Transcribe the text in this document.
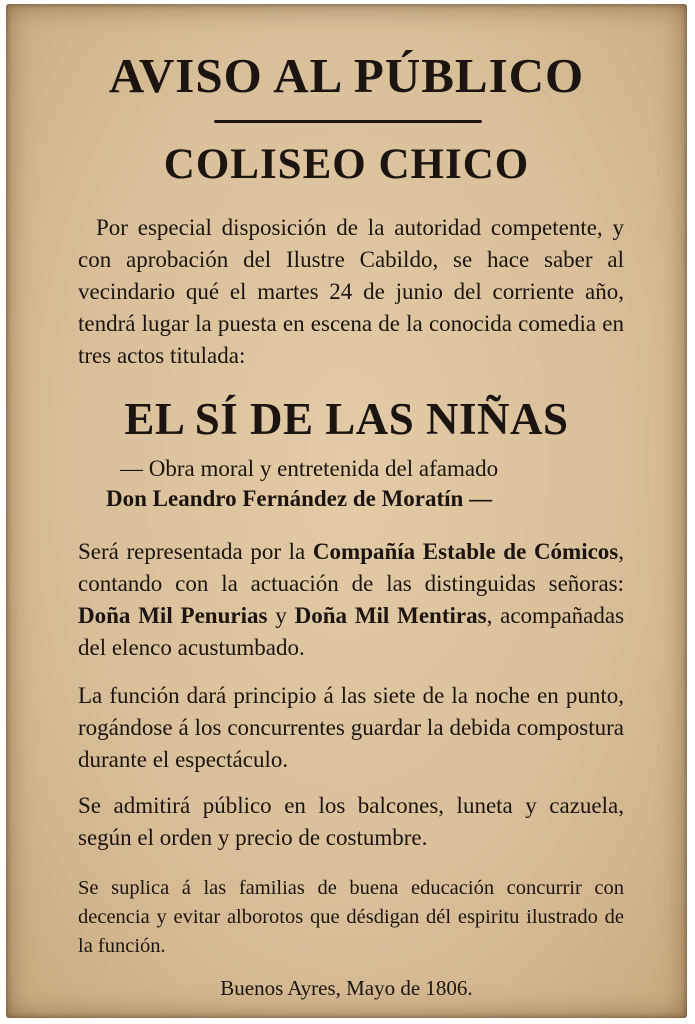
AVISO AL PÚBLICO
COLISEO CHICO

Por especial disposición de la autoridad competente, y con aprobación del Ilustre Cabildo, se hace saber al vecindario qué el martes 24 de junio del corriente año, tendrá lugar la puesta en escena de la conocida comedia en tres actos titulada:

EL SÍ DE LAS NIÑAS

— Obra moral y entretenida del afamado
Don Leandro Fernández de Moratín —

Será representada por la Compañía Estable de Cómicos, contando con la actuación de las distinguidas señoras: Doña Mil Penurias y Doña Mil Mentiras, acompañadas del elenco acustumbado.

La función dará principio á las siete de la noche en punto, rogándose á los concurrentes guardar la debida compostura durante el espectáculo.

Se admitirá público en los balcones, luneta y cazuela, según el orden y precio de costumbre.

Se suplica á las familias de buena educación concurrir con decencia y evitar alborotos que désdigan dél espiritu ilustrado de la función.

Buenos Ayres, Mayo de 1806.
